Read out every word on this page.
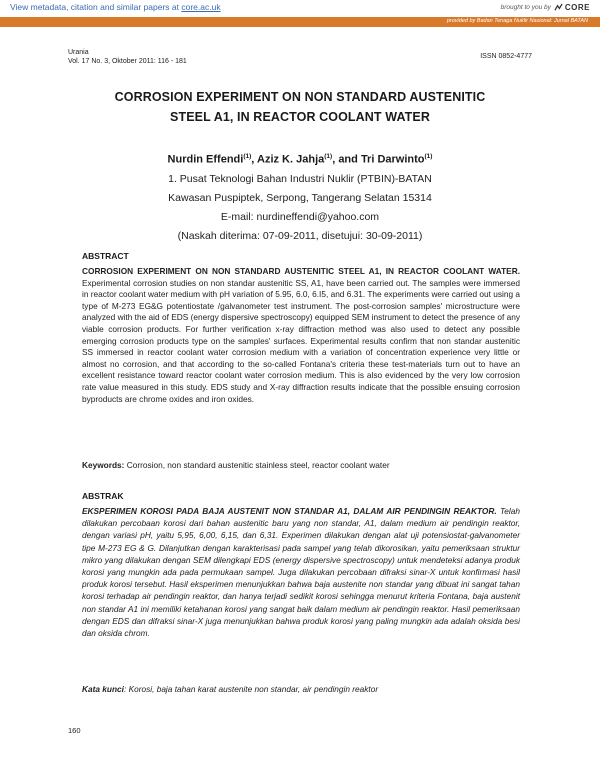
View metadata, citation and similar papers at core.ac.uk	brought to you by CORE
provided by Badan Tenaga Nuklir Nasional: Jurnal BATAN
Urania
Vol. 17 No. 3, Oktober 2011: 116 - 181
ISSN 0852-4777
CORROSION EXPERIMENT ON NON STANDARD AUSTENITIC
STEEL A1, IN REACTOR COOLANT WATER
Nurdin Effendi$^{(1)}$, Aziz K. Jahja$^{(1)}$, and Tri Darwinto$^{(1)}$
1. Pusat Teknologi Bahan Industri Nuklir (PTBIN)-BATAN
Kawasan Puspiptek, Serpong, Tangerang Selatan 15314
E-mail: nurdineffendi@yahoo.com
(Naskah diterima: 07-09-2011, disetujui: 30-09-2011)
ABSTRACT
CORROSION EXPERIMENT ON NON STANDARD AUSTENITIC STEEL A1, IN REACTOR COOLANT WATER. Experimental corrosion studies on non standar austenitic SS, A1, have been carried out. The samples were immersed in reactor coolant water medium with pH variation of 5.95, 6.0, 6.I5, and 6.31. The experiments were carried out using a type of M-273 EG&G potentiostate /galvanometer test instrument. The post-corrosion samples' microstructure were analyzed with the aid of EDS (energy dispersive spectroscopy) equipped SEM instrument to detect the presence of any viable corrosion products. For further verification x-ray diffraction method was also used to detect any possible emerging corrosion products type on the samples' surfaces. Experimental results confirm that non standar austenitic SS immersed in reactor coolant water corrosion medium with a variation of concentration experience very little or almost no corrosion, and that according to the so-called Fontana's criteria these test-materials turn out to have an excellent resistance toward reactor coolant water corrosion medium. This is also evidenced by the very low corrosion rate value measured in this study. EDS study and X-ray diffraction results indicate that the possible ensuing corrosion byproducts are chrome oxides and iron oxides.
Keywords: Corrosion, non standard austenitic stainless steel, reactor coolant water
ABSTRAK
EKSPERIMEN KOROSI PADA BAJA AUSTENIT NON STANDAR A1, DALAM AIR PENDINGIN REAKTOR. Telah dilakukan percobaan korosi dari bahan austenitic baru yang non standar, A1, dalam medium air pendingin reaktor, dengan variasi pH, yaitu 5,95, 6,00, 6,15, dan 6,31. Experimen dilakukan dengan alat uji potensiostat-galvanometer tipe M-273 EG & G. Dilanjutkan dengan karakterisasi pada sampel yang telah dikorosikan, yaitu pemeriksaan struktur mikro yang dilakukan dengan SEM dilengkapi EDS (energy dispersive spectroscopy) untuk mendeteksi adanya produk korosi yang mungkin ada pada permukaan sampel. Juga dilakukan percobaan difraksi sinar-X untuk konfirmasi hasil produk korosi tersebut. Hasil eksperimen menunjukkan bahwa baja austenite non standar yang dibuat ini sangat tahan korosi terhadap air pendingin reaktor, dan hanya terjadi sedikit korosi sehingga menurut kriteria Fontana, baja austenit non standar A1 ini memiliki ketahanan korosi yang sangat baik dalam medium air pendingin reaktor. Hasil pemeriksaan dengan EDS dan difraksi sinar-X juga menunjukkan bahwa produk korosi yang paling mungkin ada adalah oksida besi dan oksida chrom.
Kata kunci: Korosi, baja tahan karat austenite non standar, air pendingin reaktor
160
